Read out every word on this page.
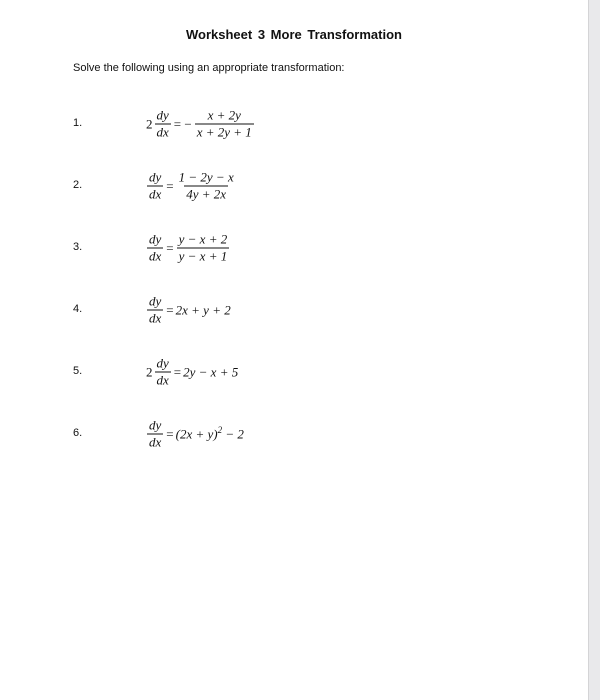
Worksheet 3 More Transformation
Solve the following using an appropriate transformation:
1.	$2 \frac{dy}{dx}$ = − $\frac{x + 2y}{x + 2y + 1}$
2.	$\frac{dy}{dx} = \frac{1 - 2y - x}{4y + 2x}$
3.	$\frac{dy}{dx} = \frac{y - x + 2}{y - x + 1}$
4.	$\frac{dy}{dx} = 2x + y + 2$
5.	$2 \frac{dy}{dx} = 2y - x + 5$
6.	$\frac{dy}{dx} = (2x + y)^2 - 2$
